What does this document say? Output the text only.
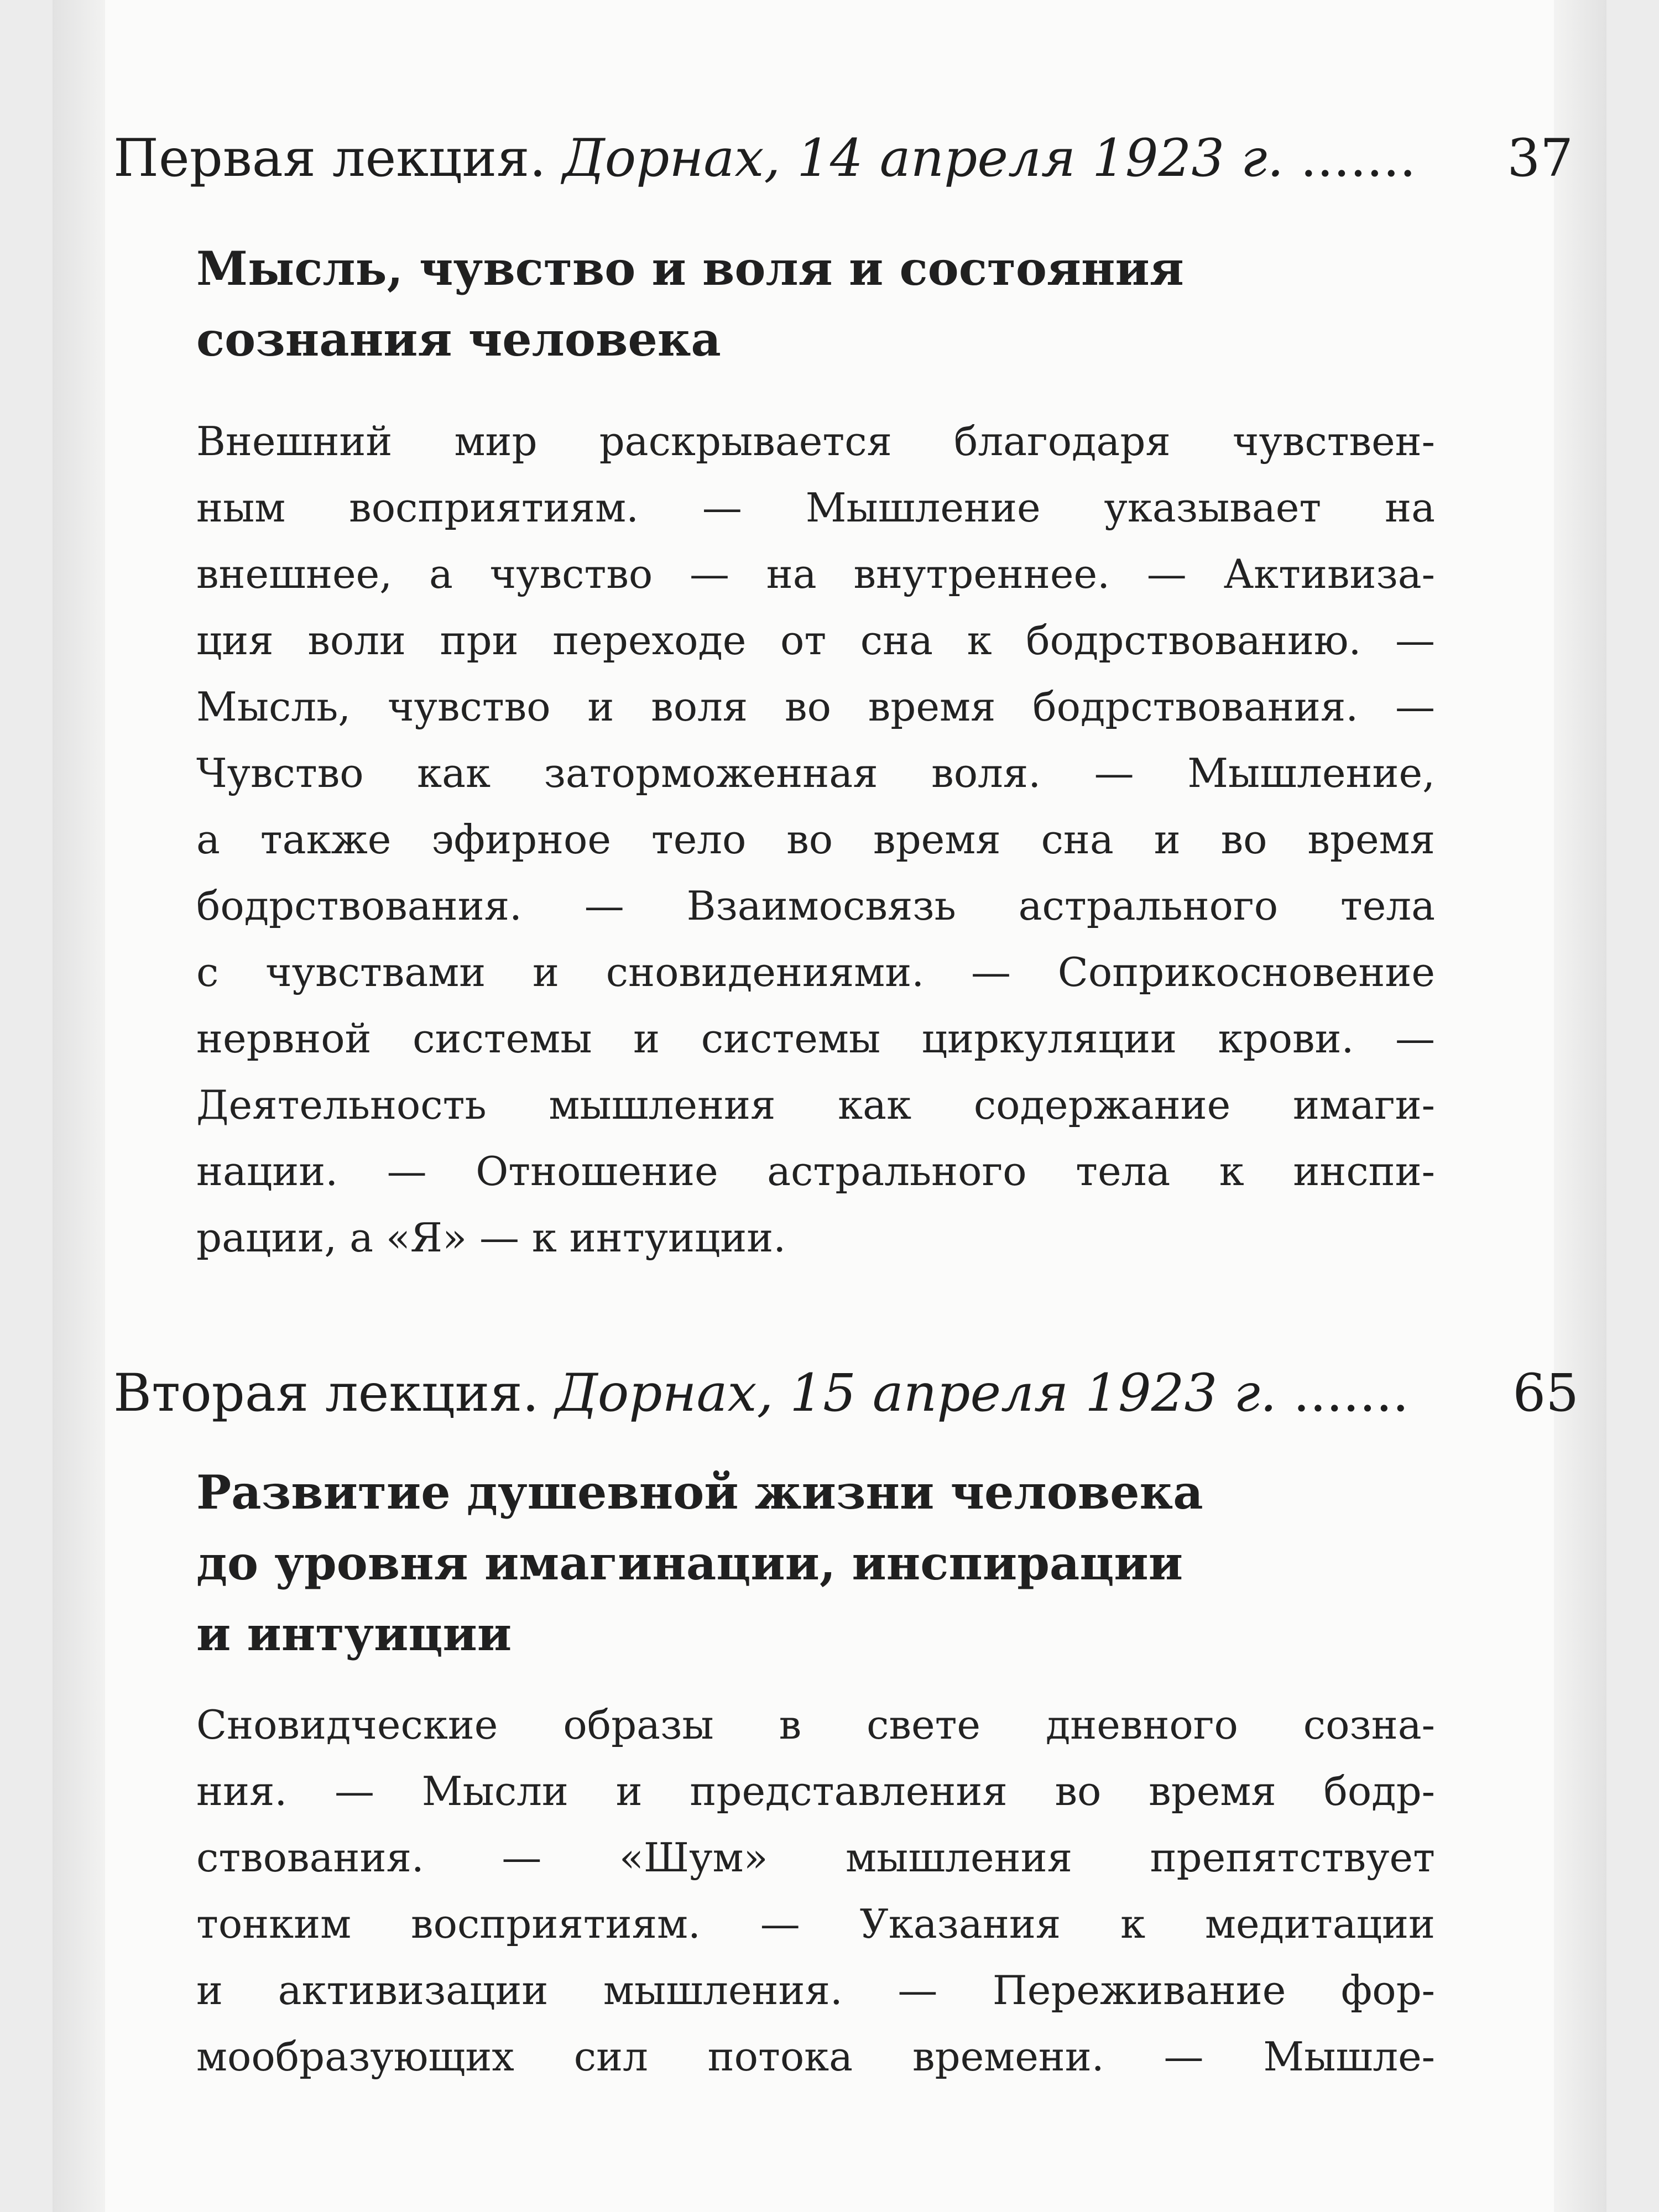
Первая лекция. Дорнах, 14 апреля 1923 г. ....... 37
Мысль, чувство и воля и состояния
сознания человека
Внешний мир раскрывается благодаря чувствен-
ным восприятиям. — Мышление указывает на
внешнее, а чувство — на внутреннее. — Активиза-
ция воли при переходе от сна к бодрствованию. —
Мысль, чувство и воля во время бодрствования. —
Чувство как заторможенная воля. — Мышление,
а также эфирное тело во время сна и во время
бодрствования. — Взаимосвязь астрального тела
с чувствами и сновидениями. — Соприкосновение
нервной системы и системы циркуляции крови. —
Деятельность мышления как содержание имаги-
нации. — Отношение астрального тела к инспи-
рации, а «Я» — к интуиции.
Вторая лекция. Дорнах, 15 апреля 1923 г. ....... 65
Развитие душевной жизни человека
до уровня имагинации, инспирации
и интуиции
Сновидческие образы в свете дневного созна-
ния. — Мысли и представления во время бодр-
ствования. — «Шум» мышления препятствует
тонким восприятиям. — Указания к медитации
и активизации мышления. — Переживание фор-
мообразующих сил потока времени. — Мышле-
